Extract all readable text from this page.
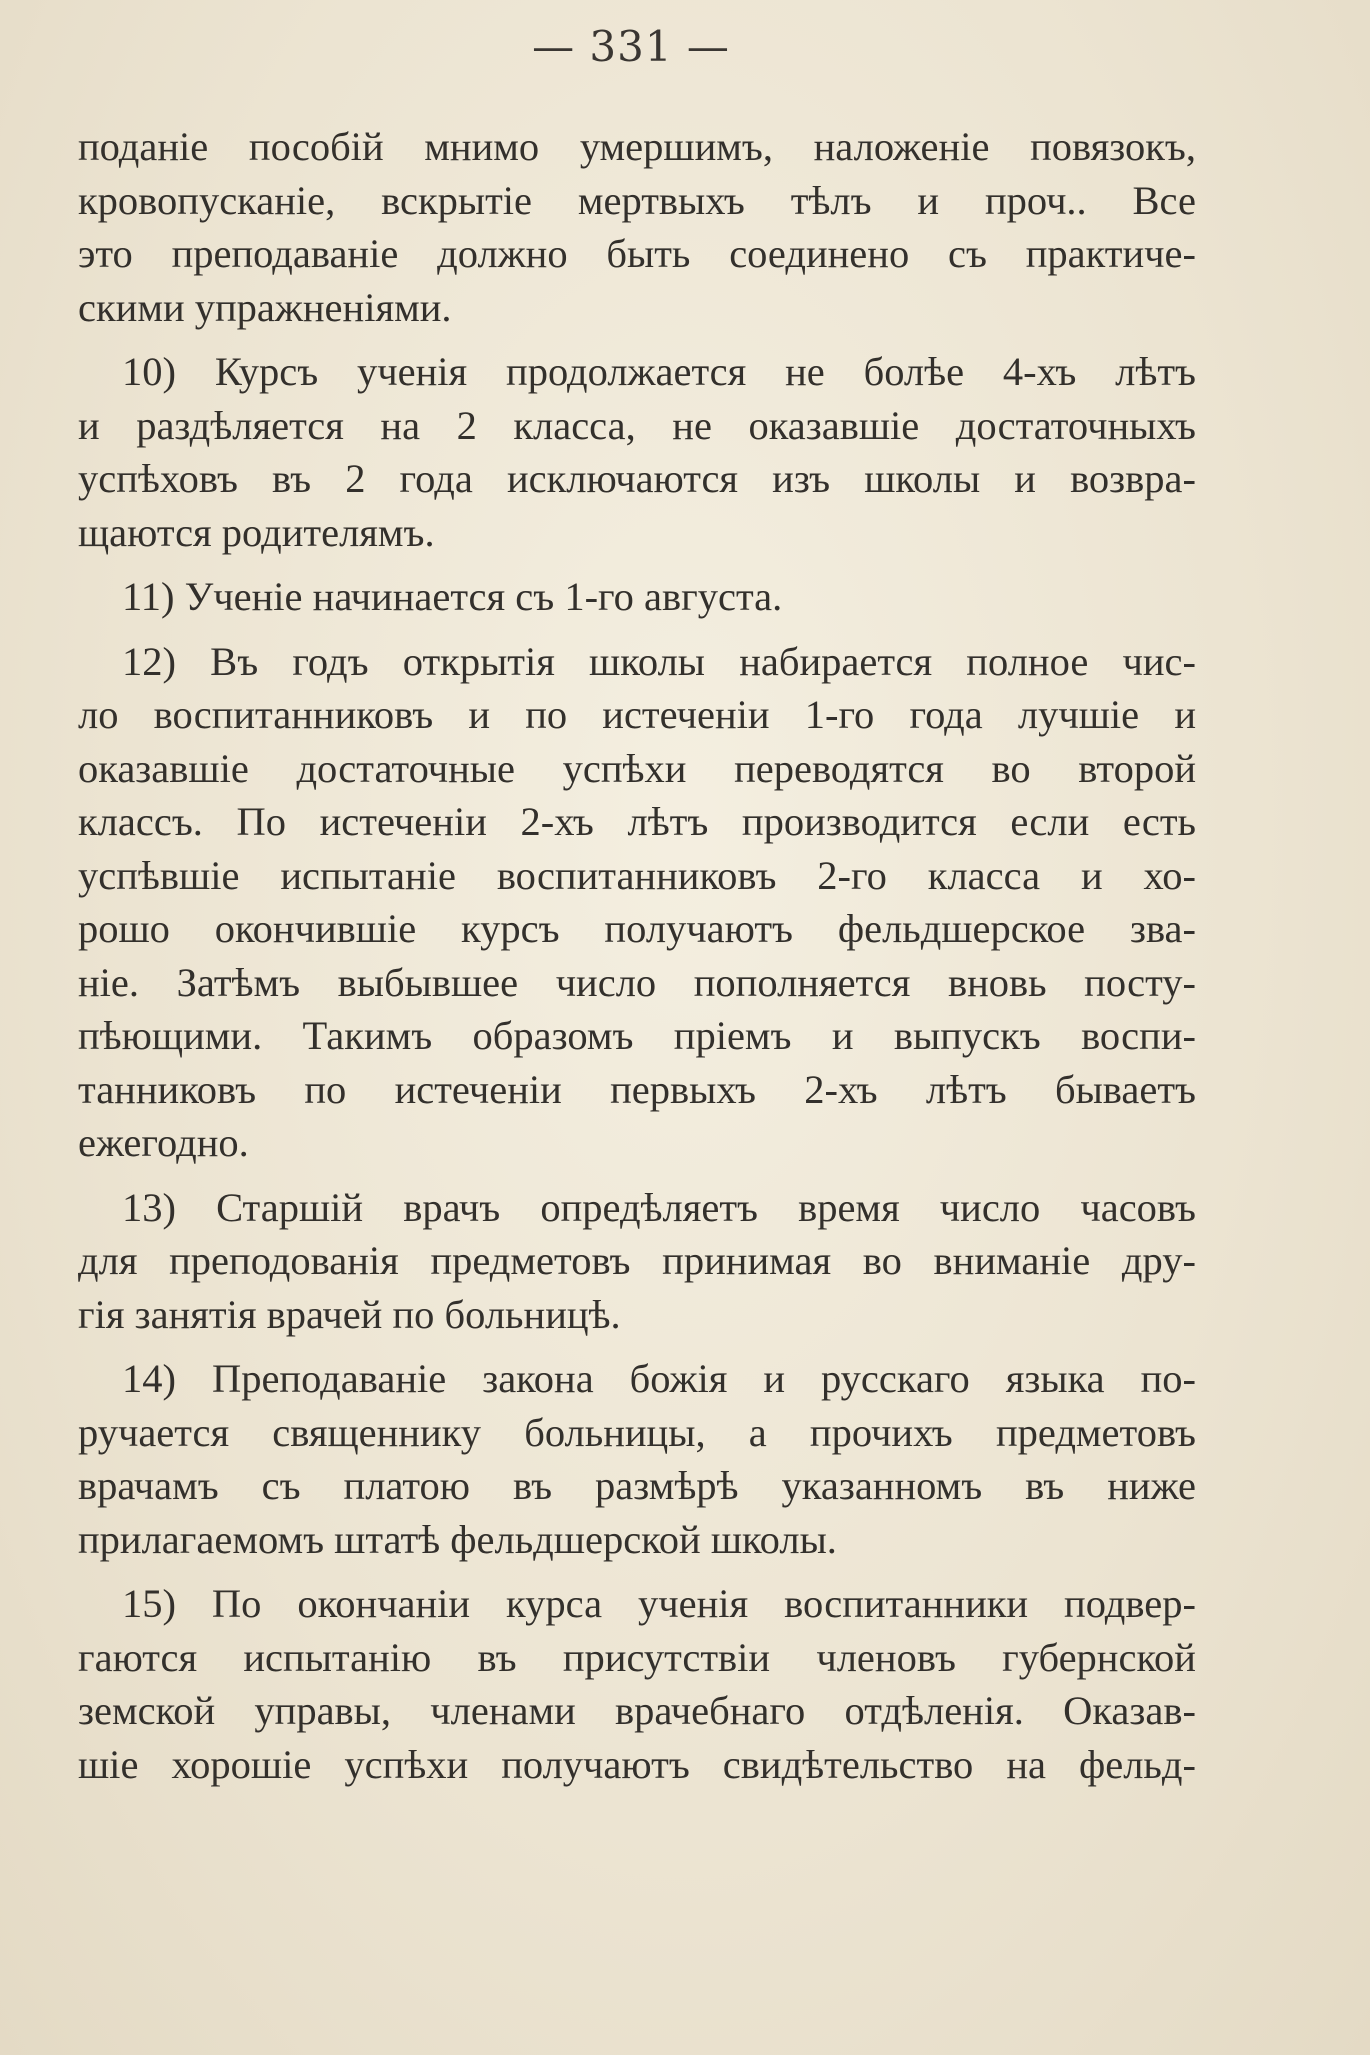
— 331 —
поданіе пособій мнимо умершимъ, наложеніе повязокъ,
кровопусканіе, вскрытіе мертвыхъ тѣлъ и проч.. Все
это преподаваніе должно быть соединено съ практиче-
скими упражненіями.
10) Курсъ ученія продолжается не болѣе 4-хъ лѣтъ
и раздѣляется на 2 класса, не оказавшіе достаточныхъ
успѣховъ въ 2 года исключаются изъ школы и возвра-
щаются родителямъ.
11) Ученіе начинается съ 1-го августа.
12) Въ годъ открытія школы набирается полное чис-
ло воспитанниковъ и по истеченіи 1-го года лучшіе и
оказавшіе достаточные успѣхи переводятся во второй
классъ. По истеченіи 2-хъ лѣтъ производится если есть
успѣвшіе испытаніе воспитанниковъ 2-го класса и хо-
рошо окончившіе курсъ получаютъ фельдшерское зва-
ніе. Затѣмъ выбывшее число пополняется вновь посту-
пѣющими. Такимъ образомъ пріемъ и выпускъ воспи-
танниковъ по истеченіи первыхъ 2-хъ лѣтъ бываетъ
ежегодно.
13) Старшій врачъ опредѣляетъ время число часовъ
для преподованія предметовъ принимая во вниманіе дру-
гія занятія врачей по больницѣ.
14) Преподаваніе закона божія и русскаго языка по-
ручается священнику больницы, а прочихъ предметовъ
врачамъ съ платою въ размѣрѣ указанномъ въ ниже
прилагаемомъ штатѣ фельдшерской школы.
15) По окончаніи курса ученія воспитанники подвер-
гаются испытанію въ присутствіи членовъ губернской
земской управы, членами врачебнаго отдѣленія. Оказав-
шіе хорошіе успѣхи получаютъ свидѣтельство на фельд-
